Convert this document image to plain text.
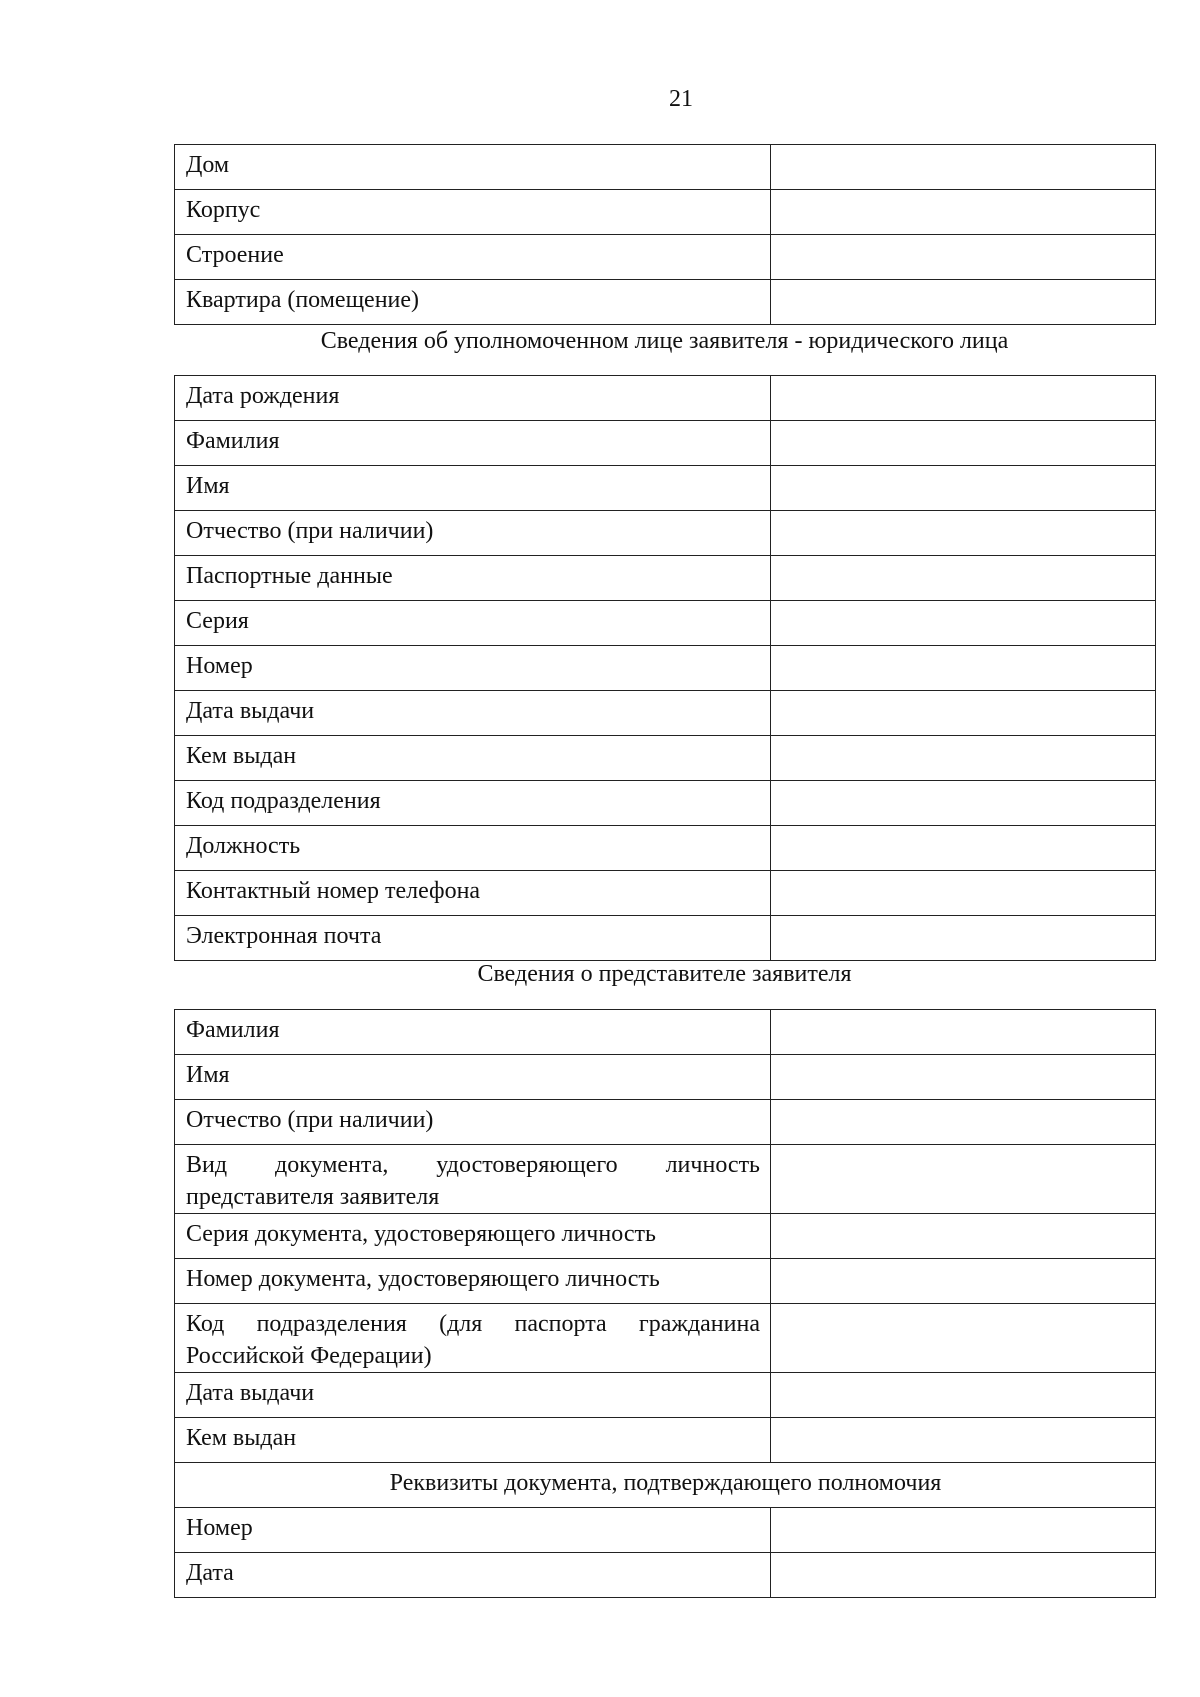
21
Дом	
Корпус	
Строение	
Квартира (помещение)	
Сведения об уполномоченном лице заявителя - юридического лица
Дата рождения	
Фамилия	
Имя	
Отчество (при наличии)	
Паспортные данные	
Серия	
Номер	
Дата выдачи	
Кем выдан	
Код подразделения	
Должность	
Контактный номер телефона	
Электронная почта	
Сведения о представителе заявителя
Фамилия	
Имя	
Отчество (при наличии)	
Вид документа, удостоверяющего личность представителя заявителя	
Серия документа, удостоверяющего личность	
Номер документа, удостоверяющего личность	
Код подразделения (для паспорта гражданина Российской Федерации)	
Дата выдачи	
Кем выдан	
Реквизиты документа, подтверждающего полномочия	
Номер	
Дата	
